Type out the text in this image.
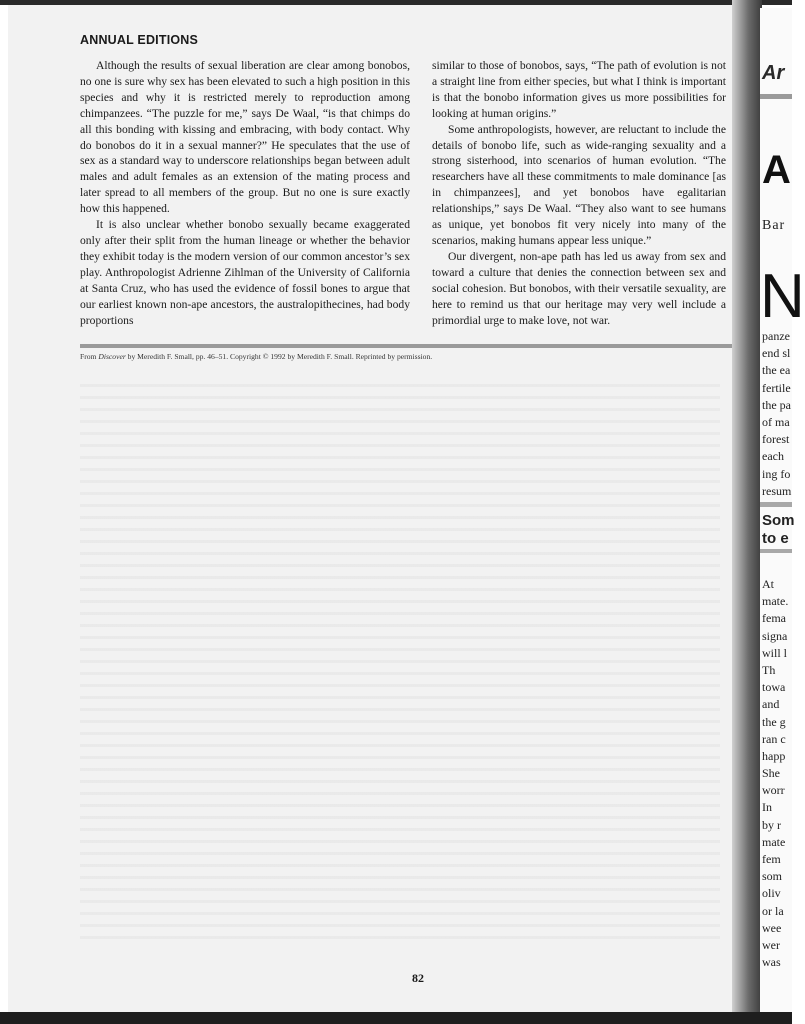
ANNUAL EDITIONS

Although the results of sexual liberation are clear among bonobos, no one is sure why sex has been elevated to such a high position in this species and why it is restricted merely to reproduction among chimpanzees. “The puzzle for me,” says De Waal, “is that chimps do all this bonding with kissing and embracing, with body contact. Why do bonobos do it in a sexual manner?” He speculates that the use of sex as a standard way to underscore relationships began between adult males and adult females as an extension of the mating process and later spread to all members of the group. But no one is sure exactly how this happened.

It is also unclear whether bonobo sexually became exaggerated only after their split from the human lineage or whether the behavior they exhibit today is the modern version of our common ancestor’s sex play. Anthropologist Adrienne Zihlman of the University of California at Santa Cruz, who has used the evidence of fossil bones to argue that our earliest known non-ape ancestors, the australopithecines, had body proportions

similar to those of bonobos, says, “The path of evolution is not a straight line from either species, but what I think is important is that the bonobo information gives us more possibilities for looking at human origins.”

Some anthropologists, however, are reluctant to include the details of bonobo life, such as wide-ranging sexuality and a strong sisterhood, into scenarios of human evolution. “The researchers have all these commitments to male dominance [as in chimpanzees], and yet bonobos have egalitarian relationships,” says De Waal. “They also want to see humans as unique, yet bonobos fit very nicely into many of the scenarios, making humans appear less unique.”

Our divergent, non-ape path has led us away from sex and toward a culture that denies the connection between sex and social cohesion. But bonobos, with their versatile sexuality, are here to remind us that our heritage may very well include a primordial urge to make love, not war.

From Discover by Meredith F. Small, pp. 46–51. Copyright © 1992 by Meredith F. Small. Reprinted by permission.
82
Ar
A
Bar
N
panze
end sl
the ea
fertile
the pa
of ma
forest
each
ing fo
resum
Som
to e
At
mate.
fema
signa
will l
Th
towa
and
the g
ran c
happ
She
worr
In
by r
mate
fem
som
oliv
or la
wee
wer
was
